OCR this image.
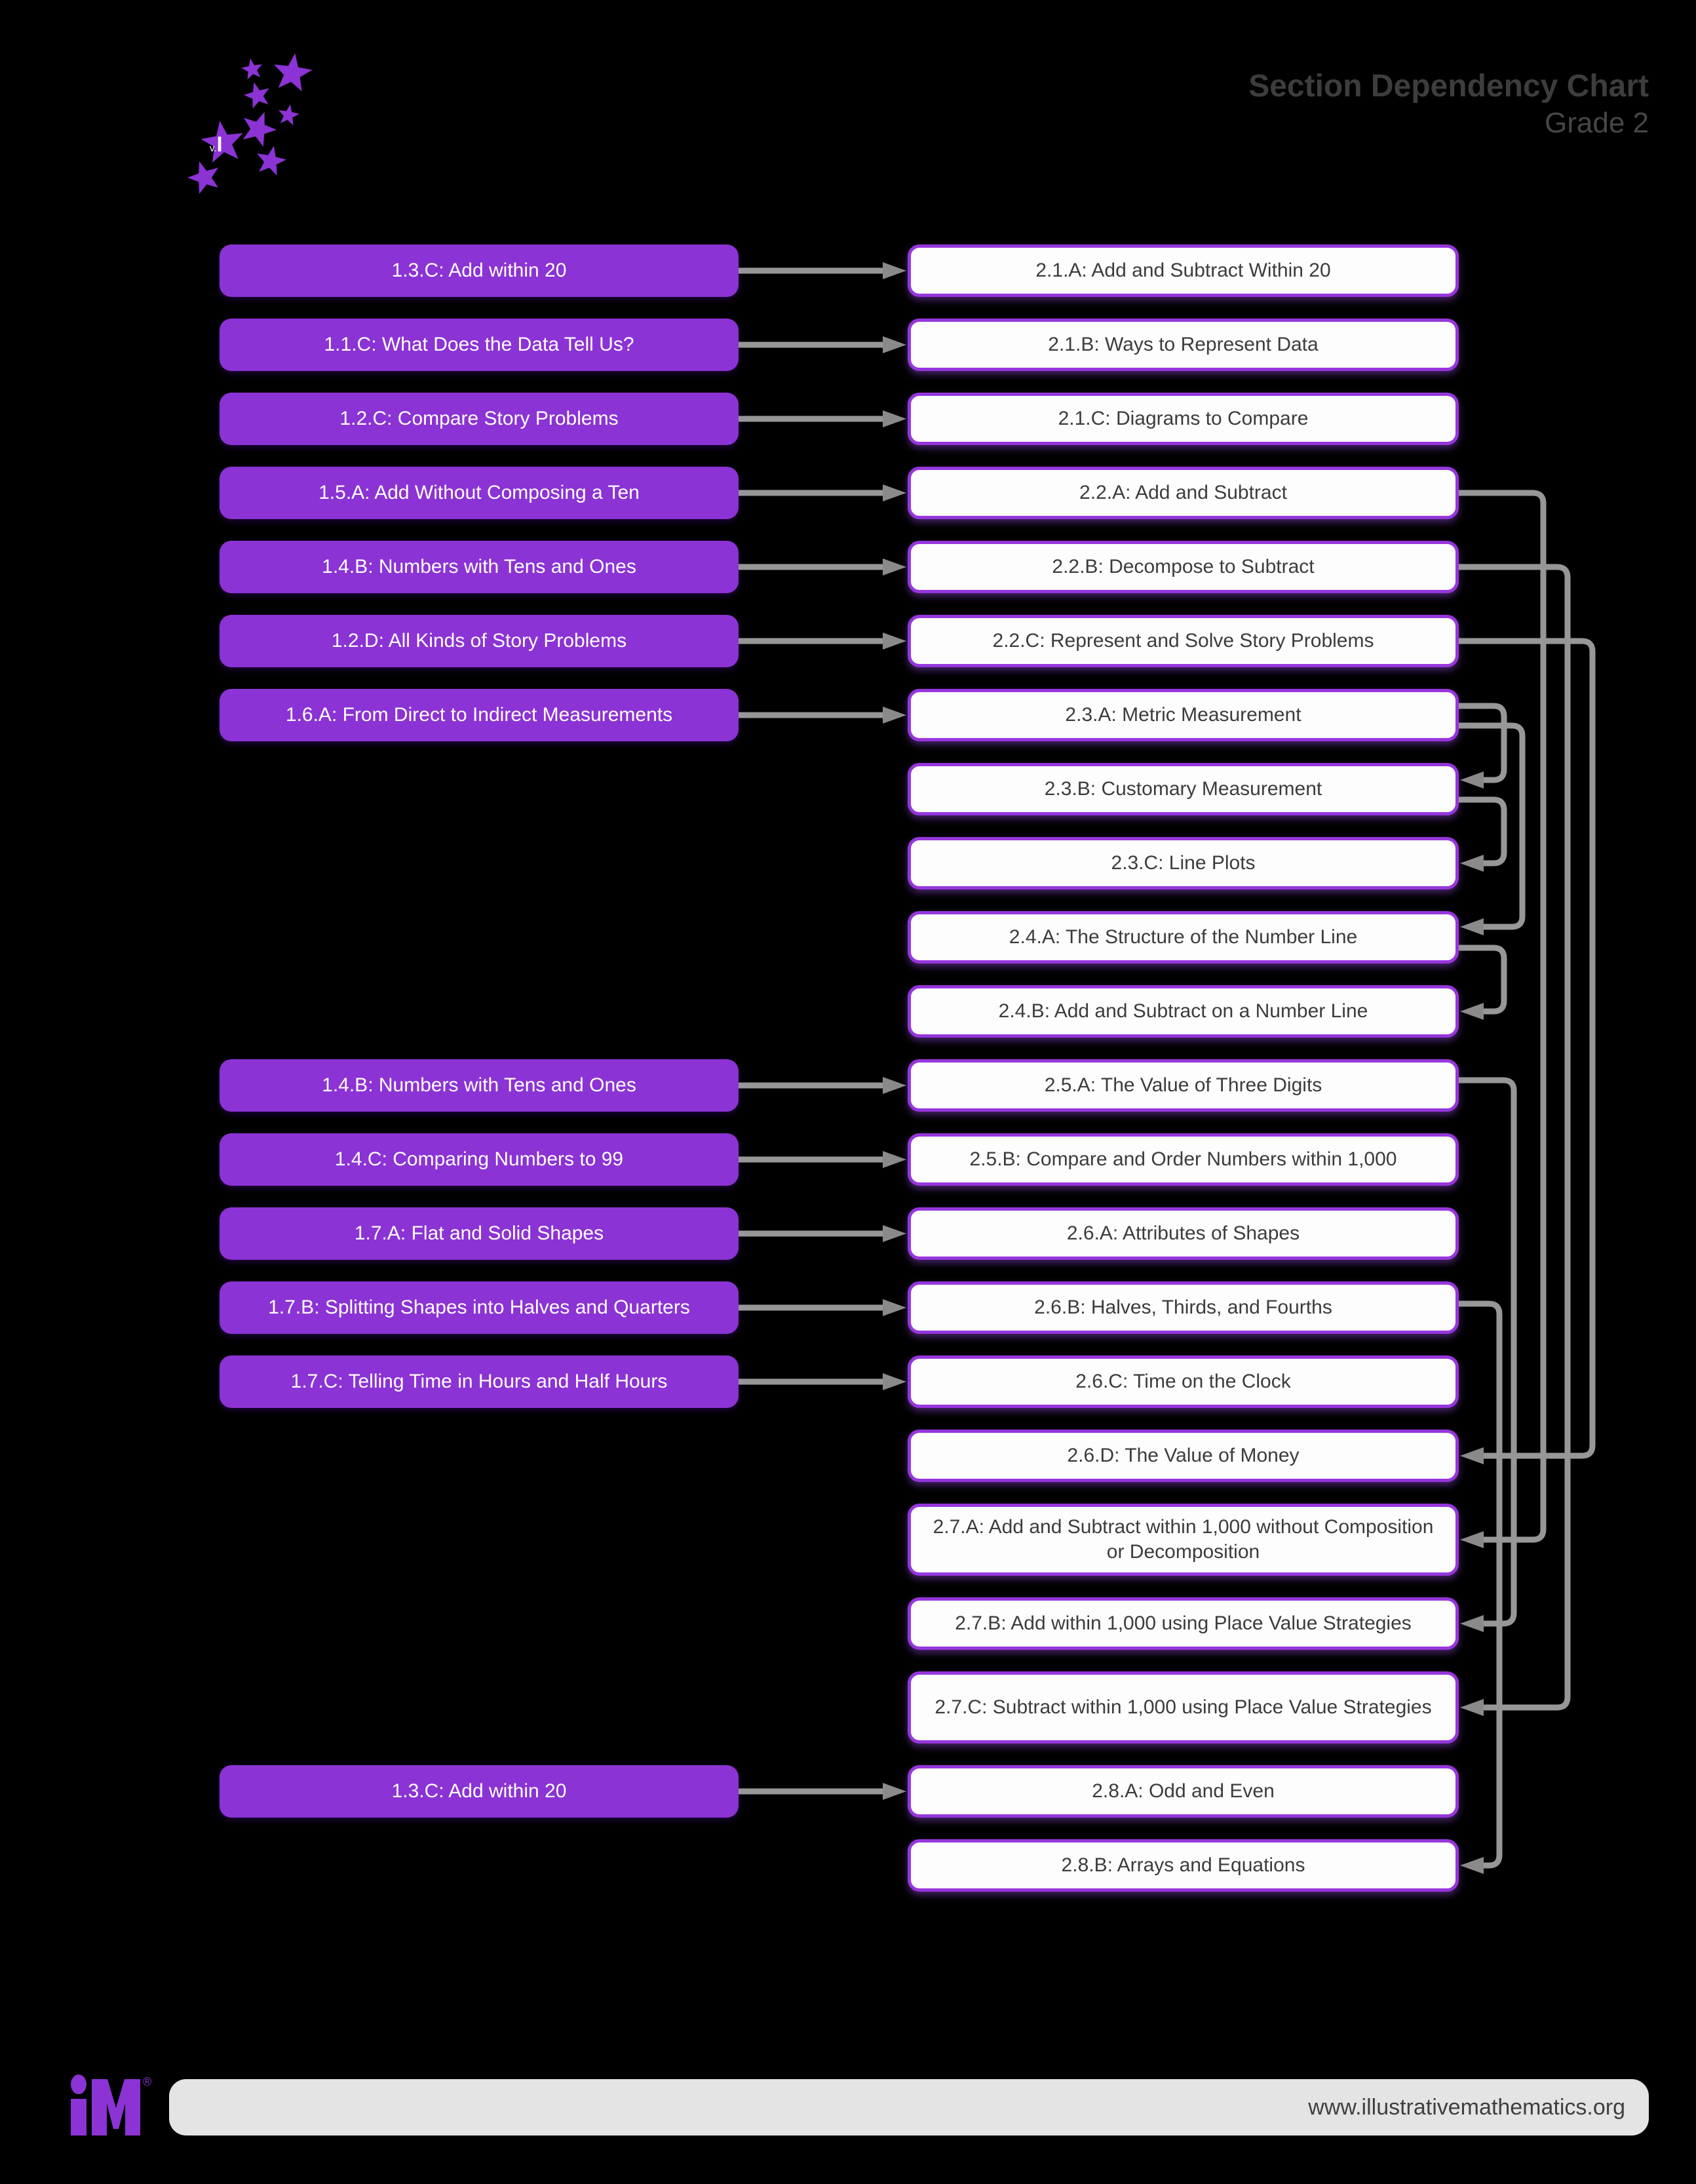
v.I
Section Dependency Chart
Grade 2
2.1.A: Add and Subtract Within 20
2.1.B: Ways to Represent Data
2.1.C: Diagrams to Compare
2.2.A: Add and Subtract
2.2.B: Decompose to Subtract
2.2.C: Represent and Solve Story Problems
2.3.A: Metric Measurement
2.3.B: Customary Measurement
2.3.C: Line Plots
2.4.A: The Structure of the Number Line
2.4.B: Add and Subtract on a Number Line
2.5.A: The Value of Three Digits
2.5.B: Compare and Order Numbers within 1,000
2.6.A: Attributes of Shapes
2.6.B: Halves, Thirds, and Fourths
2.6.C: Time on the Clock
2.6.D: The Value of Money
2.7.A: Add and Subtract within 1,000 without Composition or Decomposition
2.7.B: Add within 1,000 using Place Value Strategies
2.7.C: Subtract within 1,000 using Place Value Strategies
2.8.A: Odd and Even
2.8.B: Arrays and Equations
1.3.C: Add within 20
1.1.C: What Does the Data Tell Us?
1.2.C: Compare Story Problems
1.5.A: Add Without Composing a Ten
1.4.B: Numbers with Tens and Ones
1.2.D: All Kinds of Story Problems
1.6.A: From Direct to Indirect Measurements
1.4.B: Numbers with Tens and Ones
1.4.C: Comparing Numbers to 99
1.7.A: Flat and Solid Shapes
1.7.B: Splitting Shapes into Halves and Quarters
1.7.C: Telling Time in Hours and Half Hours
1.3.C: Add within 20
®
www.illustrativemathematics.org
